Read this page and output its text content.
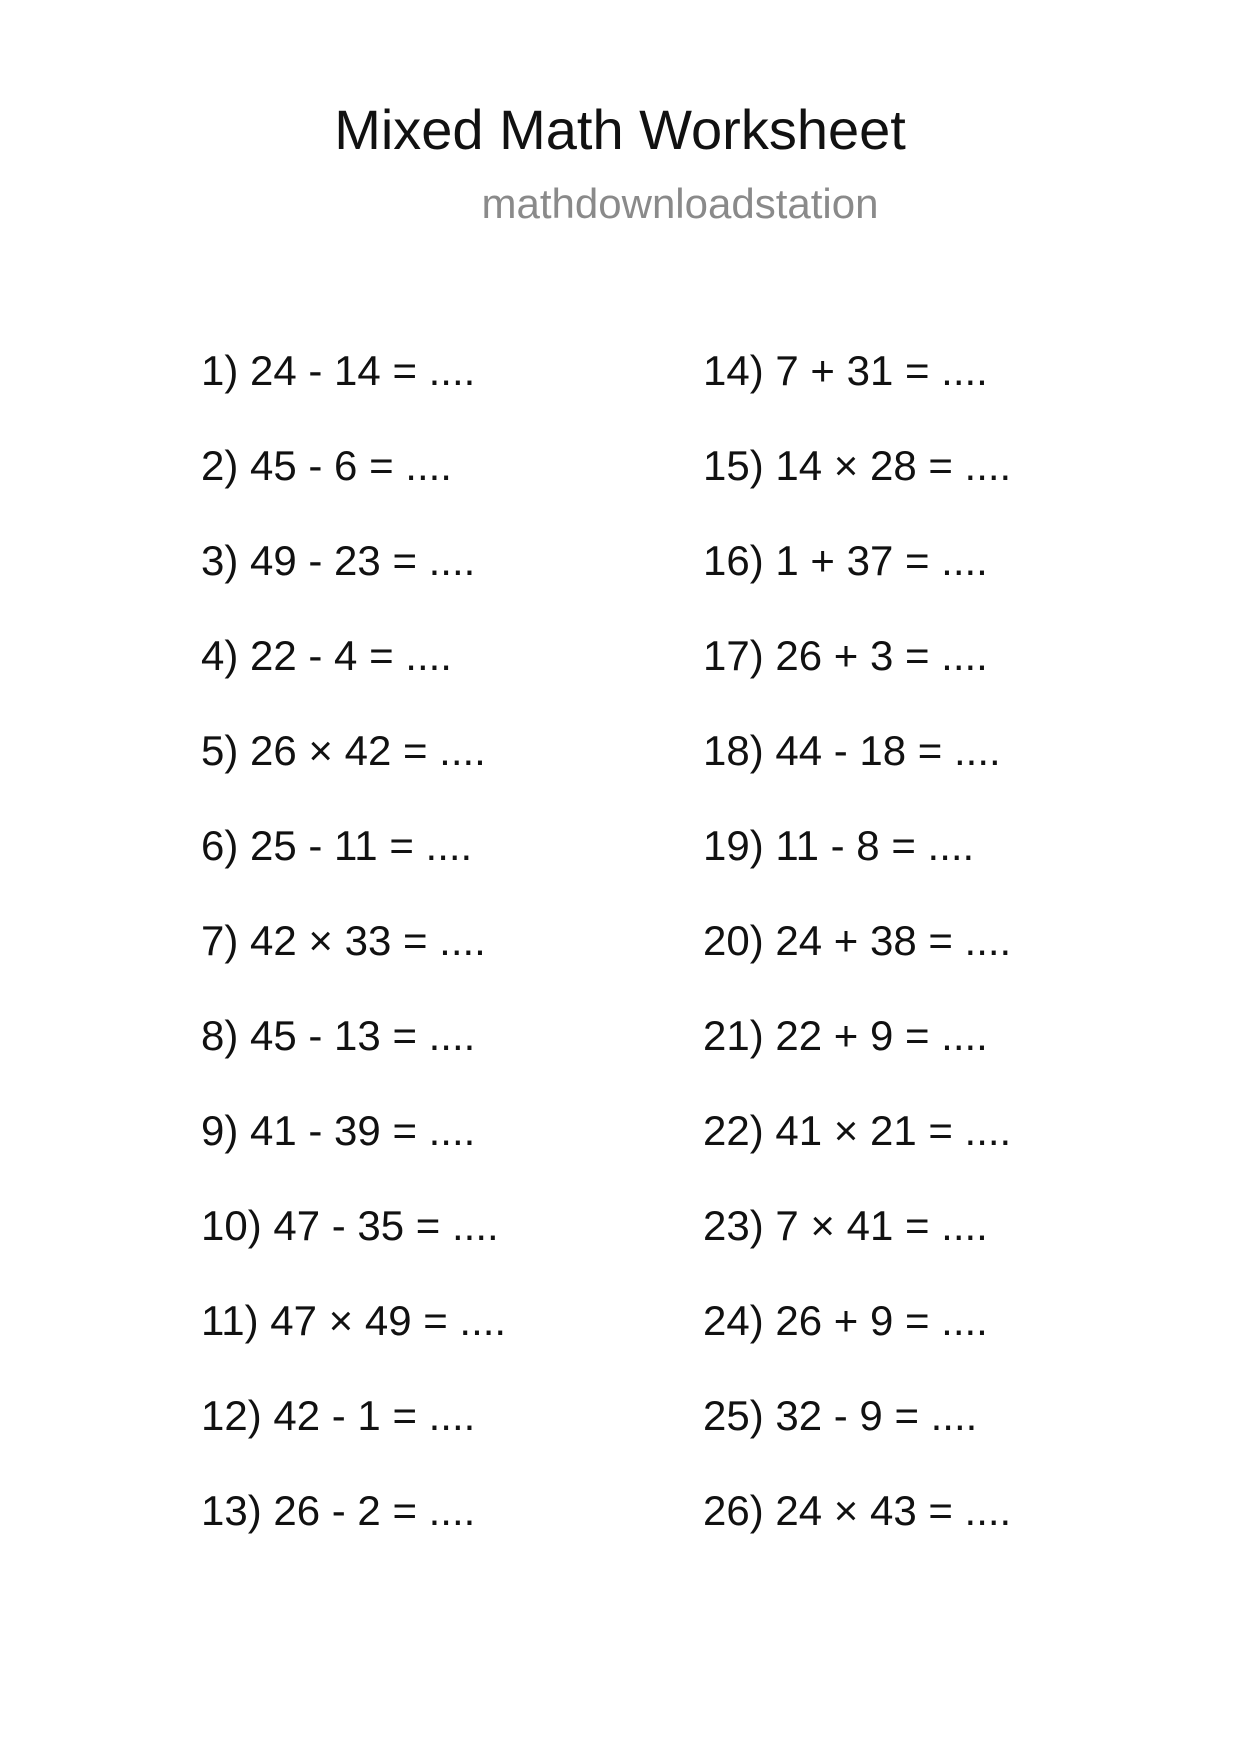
Mixed Math Worksheet
mathdownloadstation
1) 24 - 14 = ....
2) 45 - 6 = ....
3) 49 - 23 = ....
4) 22 - 4 = ....
5) 26 × 42 = ....
6) 25 - 11 = ....
7) 42 × 33 = ....
8) 45 - 13 = ....
9) 41 - 39 = ....
10) 47 - 35 = ....
11) 47 × 49 = ....
12) 42 - 1 = ....
13) 26 - 2 = ....
14) 7 + 31 = ....
15) 14 × 28 = ....
16) 1 + 37 = ....
17) 26 + 3 = ....
18) 44 - 18 = ....
19) 11 - 8 = ....
20) 24 + 38 = ....
21) 22 + 9 = ....
22) 41 × 21 = ....
23) 7 × 41 = ....
24) 26 + 9 = ....
25) 32 - 9 = ....
26) 24 × 43 = ....
